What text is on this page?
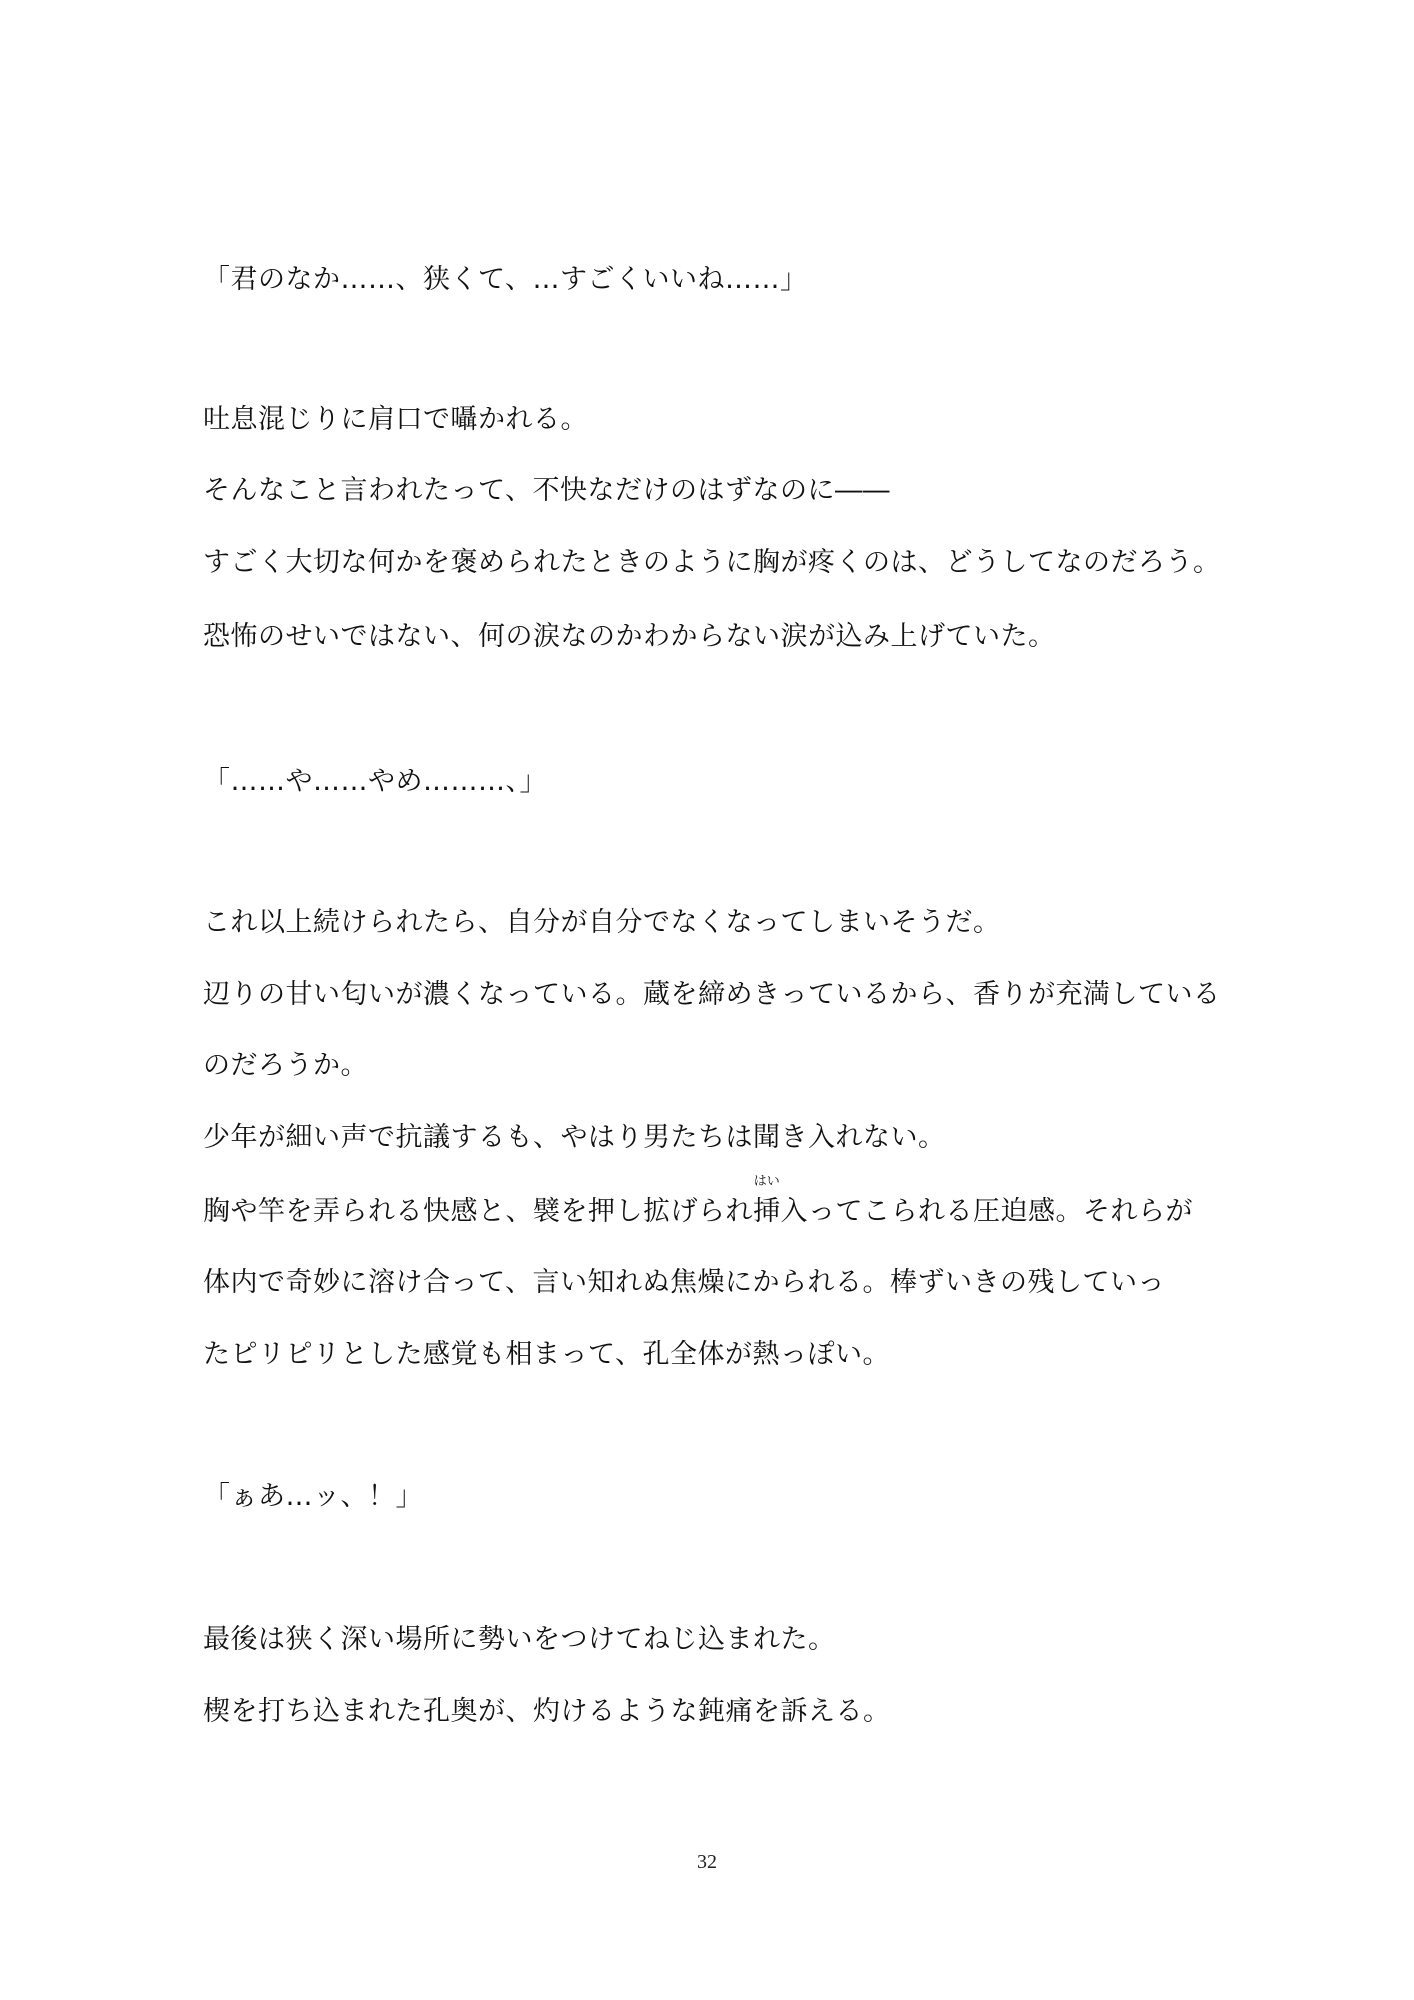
「君のなか……、狭くて、…すごくいいね……」
吐息混じりに肩口で囁かれる。
そんなこと言われたって、不快なだけのはずなのに――
すごく大切な何かを褒められたときのように胸が疼くのは、どうしてなのだろう。
恐怖のせいではない、何の涙なのかわからない涙が込み上げていた。
「……や……やめ………、」
これ以上続けられたら、自分が自分でなくなってしまいそうだ。
辺りの甘い匂いが濃くなっている。蔵を締めきっているから、香りが充満している
のだろうか。
少年が細い声で抗議するも、やはり男たちは聞き入れない。
胸や竿を弄られる快感と、襞を押し拡げられ
はい
挿入ってこられる圧迫感。それらが
体内で奇妙に溶け合って、言い知れぬ焦燥にかられる。棒ずいきの残していっ
たピリピリとした感覚も相まって、孔全体が熱っぽい。
「ぁあ…ッ、！」
最後は狭く深い場所に勢いをつけてねじ込まれた。
楔を打ち込まれた孔奥が、灼けるような鈍痛を訴える。
32
